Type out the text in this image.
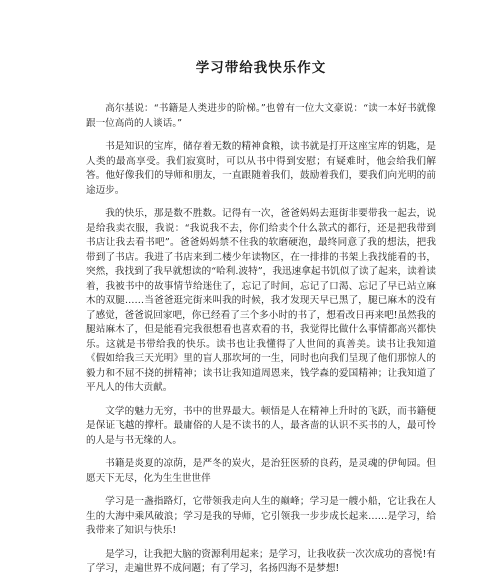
学习带给我快乐作文

高尔基说：“书籍是人类进步的阶梯。”也曾有一位大文豪说：“读一本好书就像跟一位高尚的人谈话。”

书是知识的宝库，储存着无数的精神食粮，读书就是打开这座宝库的钥匙，是人类的最高享受。我们寂寞时，可以从书中得到安慰；有疑难时，他会给我们解答。他好像我们的导师和朋友，一直跟随着我们，鼓励着我们，要我们向光明的前途迈步。

我的快乐，那是数不胜数。记得有一次，爸爸妈妈去逛街非要带我一起去，说是给我卖衣服，我说：“我说我不去，你们给卖个什么款式的都行，还是把我带到书店让我去看书吧”。爸爸妈妈禁不住我的软磨硬泡，最终同意了我的想法，把我带到了书店。我进了书店来到二楼少年读物区，在一排排的书架上我找能看的书，突然，我找到了我早就想读的“哈利.波特”，我迅速拿起书饥似了读了起来，读着读着，我被书中的故事情节给迷住了，忘记了时间，忘记了口渴、忘记了早已站立麻木的双腿……当爸爸逛完街来叫我的时候，我才发现天早已黑了，腿已麻木的没有了感觉，爸爸说回家吧，你已经看了三个多小时的书了，想看改日再来吧!虽然我的腿站麻木了，但是能看完我很想看也喜欢看的书，我觉得比做什么事情都高兴都快乐。这就是书带给我的快乐。读书也让我懂得了人世间的真善美。读书让我知道《假如给我三天光明》里的盲人那坎坷的一生，同时也向我们呈现了他们那惊人的毅力和不屈不挠的拼精神；读书让我知道周恩来，钱学森的爱国精神；让我知道了平凡人的伟大贡献。

文学的魅力无穷，书中的世界最大。顿悟是人在精神上升时的飞跃，而书籍便是保证飞越的撑杆。最庸俗的人是不读书的人，最吝啬的认识不买书的人，最可怜的人是与书无缘的人。

书籍是炎夏的凉荫，是严冬的炭火，是治狂医骄的良药，是灵魂的伊甸园。但愿天下无尽，化为生生世世伴

学习是一盏指路灯，它带领我走向人生的巅峰；学习是一艘小船，它让我在人生的大海中乘风破浪；学习是我的导师，它引领我一步步成长起来……是学习，给我带来了知识与快乐!

是学习，让我把大脑的资源利用起来；是学习，让我收获一次次成功的喜悦!有了学习，走遍世界不成问题；有了学习，名扬四海不是梦想!
